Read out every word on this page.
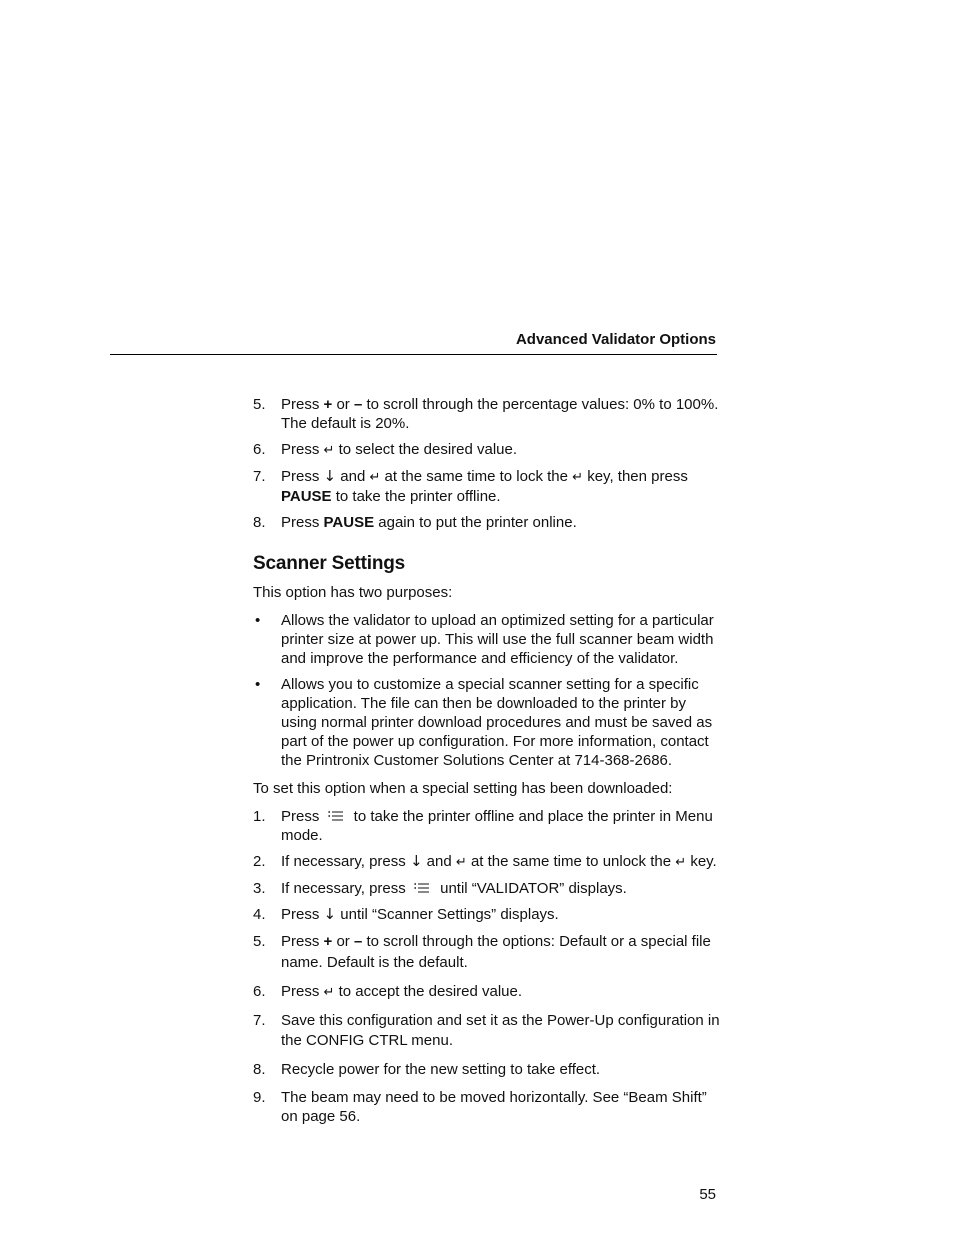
Advanced Validator Options
5. Press + or – to scroll through the percentage values: 0% to 100%. The default is 20%.
6. Press ↵ to select the desired value.
7. Press ↓ and ↵ at the same time to lock the ↵ key, then press PAUSE to take the printer offline.
8. Press PAUSE again to put the printer online.
Scanner Settings

This option has two purposes:

• Allows the validator to upload an optimized setting for a particular printer size at power up. This will use the full scanner beam width and improve the performance and efficiency of the validator.
• Allows you to customize a special scanner setting for a specific application. The file can then be downloaded to the printer by using normal printer download procedures and must be saved as part of the power up configuration. For more information, contact the Printronix Customer Solutions Center at 714-368-2686.

To set this option when a special setting has been downloaded:

1. Press  to take the printer offline and place the printer in Menu mode.
2. If necessary, press ↓ and ↵ at the same time to unlock the ↵ key.
3. If necessary, press  until “VALIDATOR” displays.
4. Press ↓ until “Scanner Settings” displays.
5. Press + or – to scroll through the options: Default or a special file name. Default is the default.
6. Press ↵ to accept the desired value.
7. Save this configuration and set it as the Power-Up configuration in the CONFIG CTRL menu.
8. Recycle power for the new setting to take effect.
9. The beam may need to be moved horizontally. See “Beam Shift” on page 56.
55
